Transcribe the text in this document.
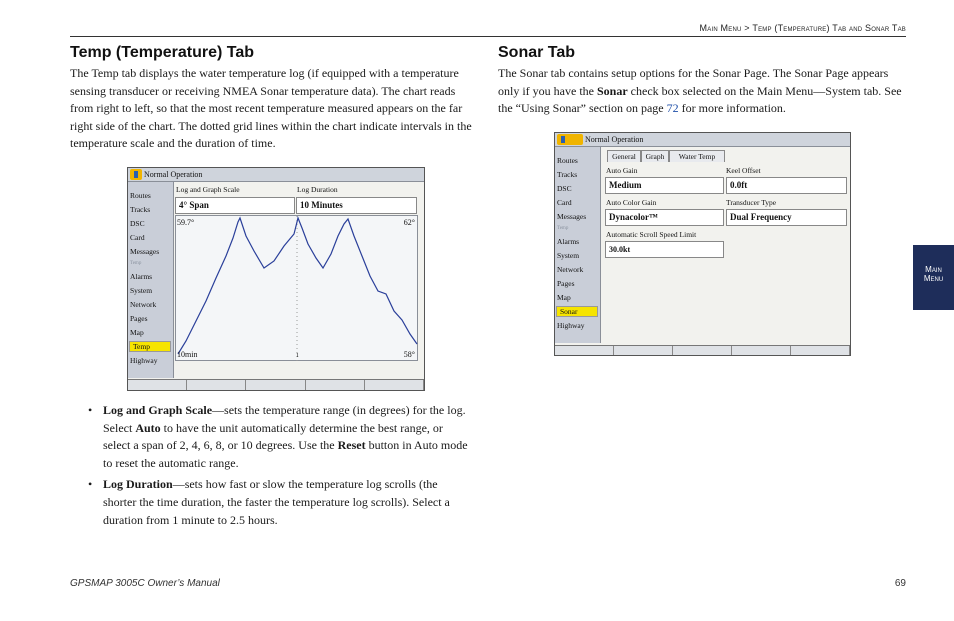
Main Menu > Temp (Temperature) Tab and Sonar Tab
Temp (Temperature) Tab

The Temp tab displays the water temperature log (if equipped with a temperature sensing transducer or receiving NMEA Sonar temperature data). The chart reads from right to left, so that the most recent temperature measured appears on the far right side of the chart. The dotted grid lines within the chart indicate intervals in the temperature scale and the duration of time.

Normal Operation
Routes
Tracks
DSC
Card
Messages
Temp
Alarms
System
Network
Pages
Map
Temp
Highway
Log and Graph Scale	Log Duration
4° Span	10 Minutes
59.7°	62°
10min	1	58°
• Log and Graph Scale—sets the temperature range (in degrees) for the log. Select Auto to have the unit automatically determine the best range, or select a span of 2, 4, 6, 8, or 10 degrees. Use the Reset button in Auto mode to reset the automatic range.
• Log Duration—sets how fast or slow the temperature log scrolls (the shorter the time duration, the faster the temperature log scrolls). Select a duration from 1 minute to 2.5 hours.
Sonar Tab

The Sonar tab contains setup options for the Sonar Page. The Sonar Page appears only if you have the Sonar check box selected on the Main Menu—System tab. See the “Using Sonar” section on page 72 for more information.

Normal Operation
Routes
Tracks
DSC
Card
Messages
Temp
Alarms
System
Network
Pages
Map
Sonar
Highway
General	Graph	Water Temp
Auto Gain	Keel Offset
Medium	0.0ft
Auto Color Gain	Transducer Type
Dynacolor™	Dual Frequency
Automatic Scroll Speed Limit
30.0kt
Main
Menu
GPSMAP 3005C Owner’s Manual	69
